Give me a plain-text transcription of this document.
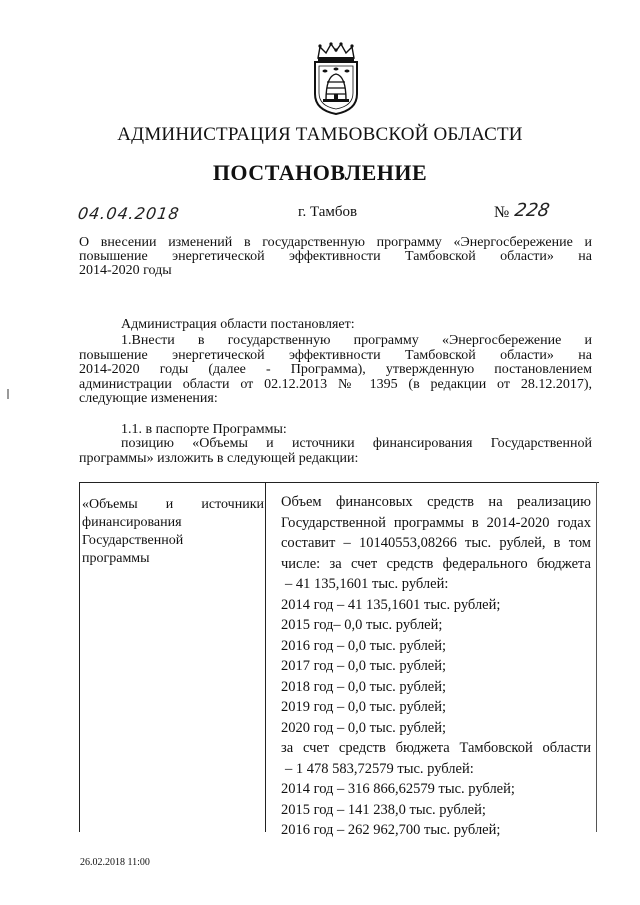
АДМИНИСТРАЦИЯ ТАМБОВСКОЙ ОБЛАСТИ
ПОСТАНОВЛЕНИЕ
04.04.2018	г. Тамбов	№ 228
О внесении изменений в государственную программу «Энергосбережение и
повышение энергетической эффективности Тамбовской области» на
2014-2020 годы
Администрация области постановляет:
1.Внести в государственную программу «Энергосбережение и
повышение энергетической эффективности Тамбовской области» на
2014-2020 годы (далее - Программа), утвержденную постановлением
администрации области от 02.12.2013 № 1395 (в редакции от 28.12.2017),
следующие изменения:
1.1. в паспорте Программы:
позицию «Объемы и источники финансирования Государственной
программы» изложить в следующей редакции:
«Объемы и источники
финансирования
Государственной
программы
Объем финансовых средств на реализацию
Государственной программы в 2014-2020 годах
составит – 10140553,08266 тыс. рублей, в том
числе: за счет средств федерального бюджета
– 41 135,1601 тыс. рублей:
2014 год – 41 135,1601 тыс. рублей;
2015 год– 0,0 тыс. рублей;
2016 год – 0,0 тыс. рублей;
2017 год – 0,0 тыс. рублей;
2018 год – 0,0 тыс. рублей;
2019 год – 0,0 тыс. рублей;
2020 год – 0,0 тыс. рублей;
за счет средств бюджета Тамбовской области
– 1 478 583,72579 тыс. рублей:
2014 год – 316 866,62579 тыс. рублей;
2015 год – 141 238,0 тыс. рублей;
2016 год – 262 962,700 тыс. рублей;
26.02.2018 11:00
